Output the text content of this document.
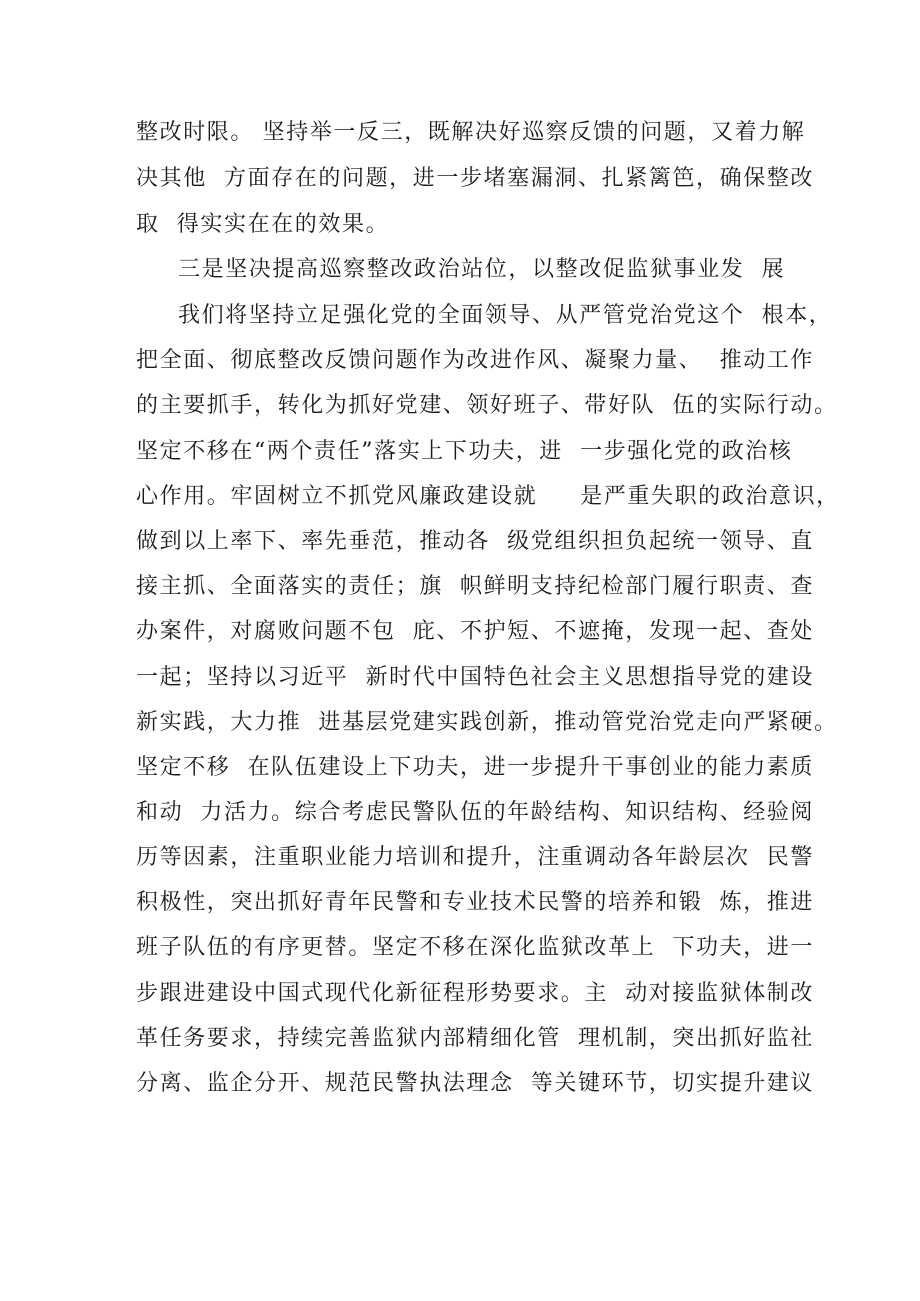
整改时限。 坚持举一反三，既解决好巡察反馈的问题，又着力解
决其他  方面存在的问题，进一步堵塞漏洞、扎紧篱笆，确保整改
取  得实实在在的效果。
三是坚决提高巡察整改政治站位，以整改促监狱事业发  展
我们将坚持立足强化党的全面领导、从严管党治党这个  根本，
把全面、彻底整改反馈问题作为改进作风、凝聚力量、  推动工作
的主要抓手，转化为抓好党建、领好班子、带好队  伍的实际行动。
坚定不移在“两个责任”落实上下功夫，进  一步强化党的政治核
心作用。牢固树立不抓党风廉政建设就     是严重失职的政治意识，
做到以上率下、率先垂范，推动各  级党组织担负起统一领导、直
接主抓、全面落实的责任；旗  帜鲜明支持纪检部门履行职责、查
办案件，对腐败问题不包  庇、不护短、不遮掩，发现一起、查处
一起；坚持以习近平  新时代中国特色社会主义思想指导党的建设
新实践，大力推  进基层党建实践创新，推动管党治党走向严紧硬。
坚定不移  在队伍建设上下功夫，进一步提升干事创业的能力素质
和动  力活力。综合考虑民警队伍的年龄结构、知识结构、经验阅
历等因素，注重职业能力培训和提升，注重调动各年龄层次  民警
积极性，突出抓好青年民警和专业技术民警的培养和锻  炼，推进
班子队伍的有序更替。坚定不移在深化监狱改革上  下功夫，进一
步跟进建设中国式现代化新征程形势要求。主  动对接监狱体制改
革任务要求，持续完善监狱内部精细化管  理机制，突出抓好监社
分离、监企分开、规范民警执法理念  等关键环节，切实提升建议
